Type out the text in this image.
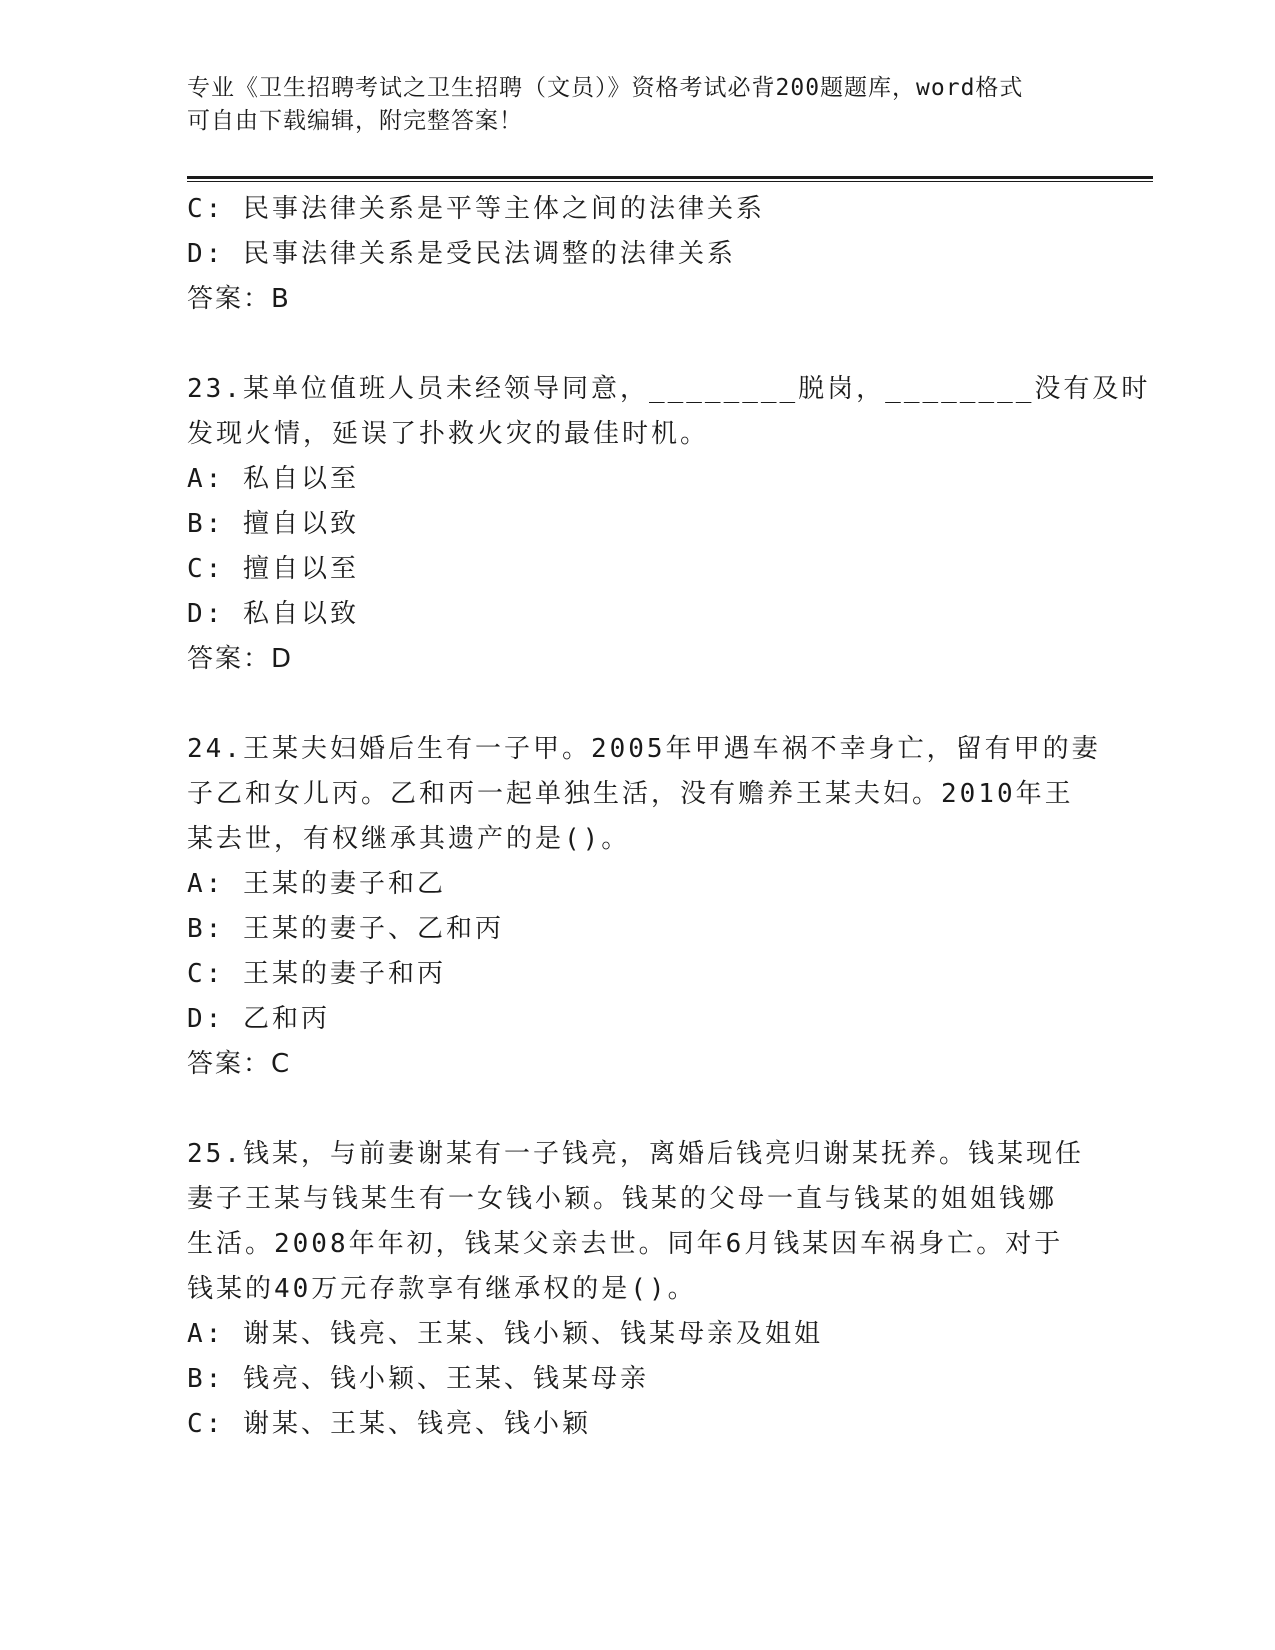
专业《卫生招聘考试之卫生招聘（文员）》资格考试必背200题题库，word格式
可自由下载编辑，附完整答案！
C: 民事法律关系是平等主体之间的法律关系
D: 民事法律关系是受民法调整的法律关系
答案：B
23.某单位值班人员未经领导同意，________脱岗，________没有及时
发现火情，延误了扑救火灾的最佳时机。
A: 私自以至
B: 擅自以致
C: 擅自以至
D: 私自以致
答案：D
24.王某夫妇婚后生有一子甲。2005年甲遇车祸不幸身亡，留有甲的妻
子乙和女儿丙。乙和丙一起单独生活，没有赡养王某夫妇。2010年王
某去世，有权继承其遗产的是()。
A: 王某的妻子和乙
B: 王某的妻子、乙和丙
C: 王某的妻子和丙
D: 乙和丙
答案：C
25.钱某，与前妻谢某有一子钱亮，离婚后钱亮归谢某抚养。钱某现任
妻子王某与钱某生有一女钱小颖。钱某的父母一直与钱某的姐姐钱娜
生活。2008年年初，钱某父亲去世。同年6月钱某因车祸身亡。对于
钱某的40万元存款享有继承权的是()。
A: 谢某、钱亮、王某、钱小颖、钱某母亲及姐姐
B: 钱亮、钱小颖、王某、钱某母亲
C: 谢某、王某、钱亮、钱小颖
